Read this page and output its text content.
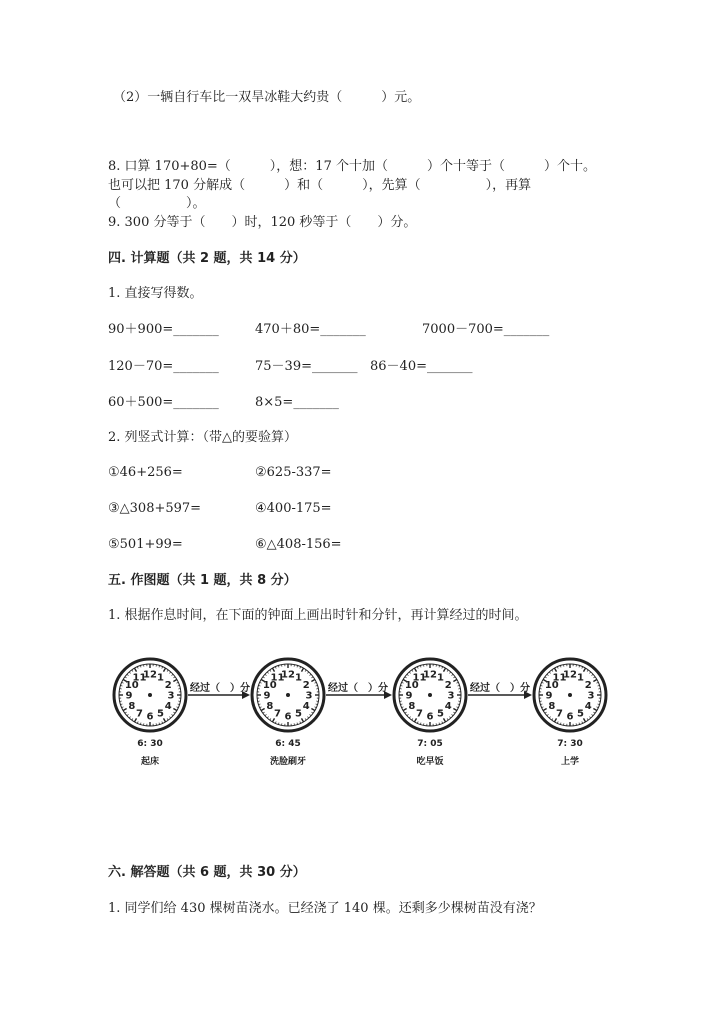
（2）一辆自行车比一双旱冰鞋大约贵（　　　）元。
8. 口算 170+80=（　　　），想：17 个十加（　　　）个十等于（　　　）个十。
也可以把 170 分解成（　　　）和（　　　），先算（　　　　　），再算
（　　　　　）。
9. 300 分等于（　　）时，120 秒等于（　　）分。
四. 计算题（共 2 题，共 14 分）
1. 直接写得数。
90＋900=_______	470＋80=_______	7000－700=_______
120－70=_______	75－39=_______ 86－40=_______
60＋500=_______	8×5=_______
2. 列竖式计算：（带△的要验算）
①46+256=	②625-337=
③△308+597=	④400-175=
⑤501+99=	⑥△408-156=
五. 作图题（共 1 题，共 8 分）
1. 根据作息时间，在下面的钟面上画出时针和分针，再计算经过的时间。
12 1
2
3
4
5
6
7
8
9
10
11	12 1
2
3
4
5
6
7
8
9
10
11	12 1
2
3
4
5
6
7
8
9
10
11	12 1
2
3
4
5
6
7
8
9
10
11
6: 30
起床
经过（　）分
6: 45
洗脸刷牙
经过（　）分
7: 05
吃早饭
经过（　）分
7: 30
上学
六. 解答题（共 6 题，共 30 分）
1. 同学们给 430 棵树苗浇水。已经浇了 140 棵。还剩多少棵树苗没有浇？
